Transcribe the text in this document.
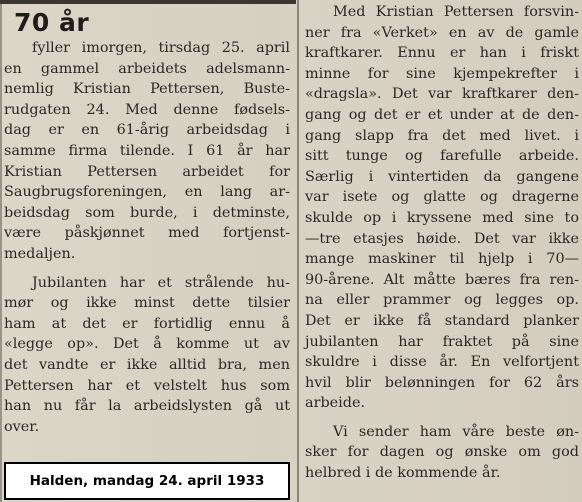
70 år
fyller imorgen, tirsdag 25. april
en gammel arbeidets adelsmann-
nemlig Kristian Pettersen, Buste-
rudgaten 24. Med denne fødsels-
dag er en 61-årig arbeidsdag i
samme firma tilende. I 61 år har
Kristian Pettersen arbeidet for
Saugbrugsforeningen, en lang ar-
beidsdag som burde, i detminste,
være påskjønnet med fortjenst-
medaljen.
Jubilanten har et strålende hu-
mør og ikke minst dette tilsier
ham at det er fortidlig ennu å
«legge op». Det å komme ut av
det vandte er ikke alltid bra, men
Pettersen har et velstelt hus som
han nu får la arbeidslysten gå ut
over.
Med Kristian Pettersen forsvin-
ner fra «Verket» en av de gamle
kraftkarer. Ennu er han i friskt
minne for sine kjempekrefter i
«dragsla». Det var kraftkarer den-
gang og det er et under at de den-
gang slapp fra det med livet. i
sitt tunge og farefulle arbeide.
Særlig i vintertiden da gangene
var isete og glatte og dragerne
skulde op i kryssene med sine to
—tre etasjes høide. Det var ikke
mange maskiner til hjelp i 70—
90-årene. Alt måtte bæres fra ren-
na eller prammer og legges op.
Det er ikke få standard planker
jubilanten har fraktet på sine
skuldre i disse år. En velfortjent
hvil blir belønningen for 62 års
arbeide.
Vi sender ham våre beste øn-
sker for dagen og ønske om god
helbred i de kommende år.
Halden, mandag 24. april 1933
